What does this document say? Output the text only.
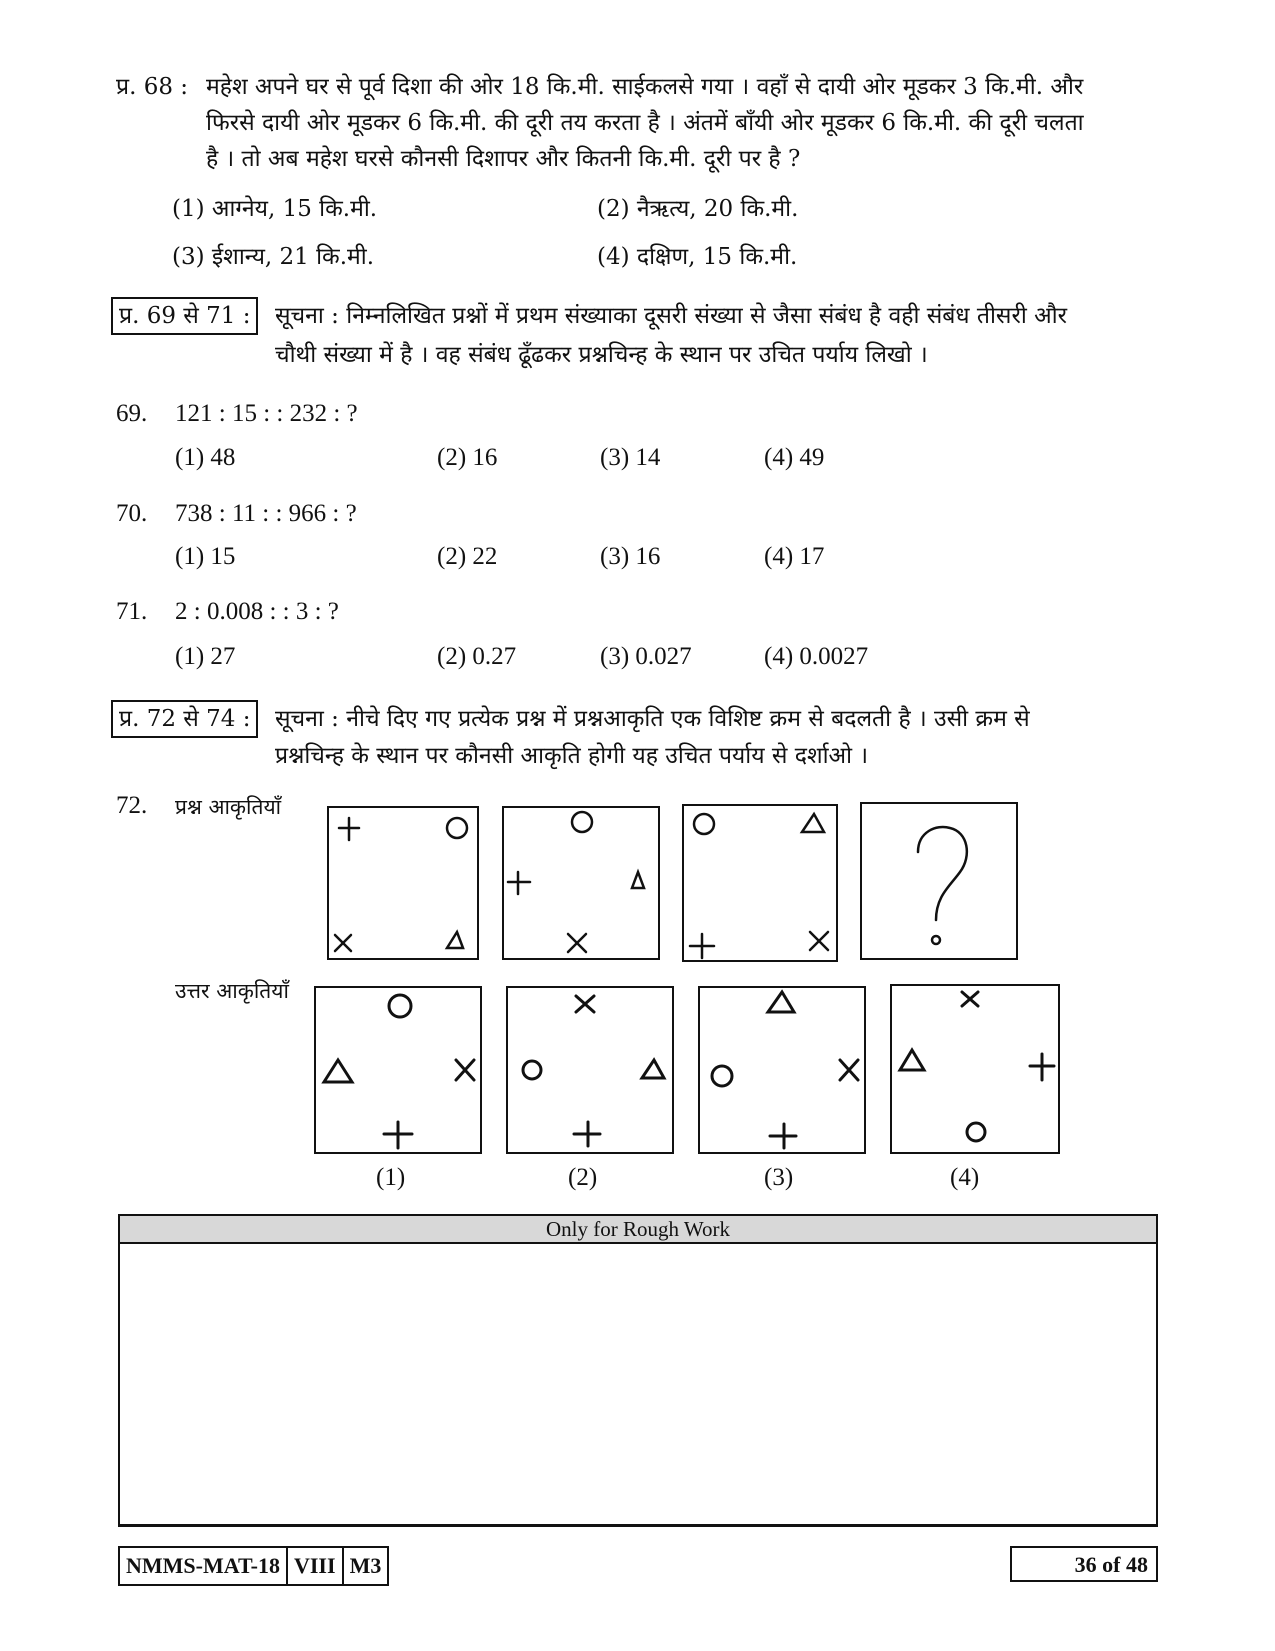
प्र. 68 : महेश अपने घर से पूर्व दिशा की ओर 18 कि.मी. साईकलसे गया । वहाँ से दायी ओर मूडकर 3 कि.मी. और
फिरसे दायी ओर मूडकर 6 कि.मी. की दूरी तय करता है । अंतमें बाँयी ओर मूडकर 6 कि.मी. की दूरी चलता
है । तो अब महेश घरसे कौनसी दिशापर और कितनी कि.मी. दूरी पर है ?
(1) आग्नेय, 15 कि.मी.	(2) नैऋत्य, 20 कि.मी.
(3) ईशान्य, 21 कि.मी.	(4) दक्षिण, 15 कि.मी.
प्र. 69 से 71 :	सूचना : निम्नलिखित प्रश्नों में प्रथम संख्याका दूसरी संख्या से जैसा संबंध है वही संबंध तीसरी और
चौथी संख्या में है । वह संबंध ढूँढकर प्रश्नचिन्ह के स्थान पर उचित पर्याय लिखो ।
69. 121 : 15 : : 232 : ?
(1) 48	(2) 16	(3) 14	(4) 49
70. 738 : 11 : : 966 : ?
(1) 15	(2) 22	(3) 16	(4) 17
71. 2 : 0.008 : : 3 : ?
(1) 27	(2) 0.27	(3) 0.027	(4) 0.0027
प्र. 72 से 74 :	सूचना : नीचे दिए गए प्रत्येक प्रश्न में प्रश्नआकृति एक विशिष्ट क्रम से बदलती है । उसी क्रम से
प्रश्नचिन्ह के स्थान पर कौनसी आकृति होगी यह उचित पर्याय से दर्शाओ ।
72. प्रश्न आकृतियाँ
उत्तर आकृतियाँ
(1)	(2)	(3)	(4)
Only for Rough Work
NMMS-MAT-18 VIII M3	36 of 48
